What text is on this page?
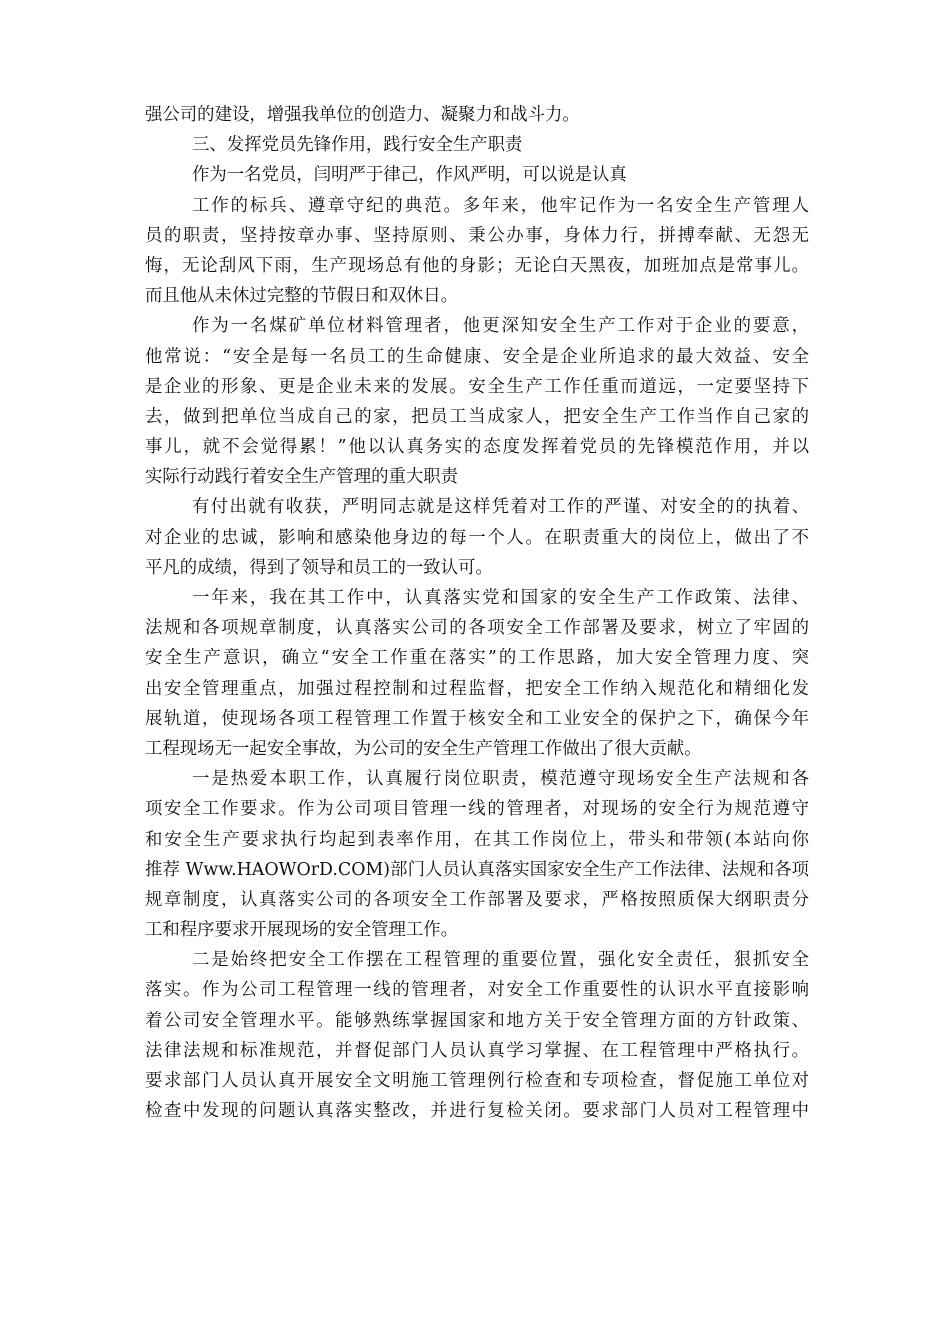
强公司的建设，增强我单位的创造力、凝聚力和战斗力。
三、发挥党员先锋作用，践行安全生产职责
作为一名党员，闫明严于律己，作风严明，可以说是认真
工作的标兵、遵章守纪的典范。多年来，他牢记作为一名安全生产管理人
员的职责，坚持按章办事、坚持原则、秉公办事，身体力行，拼搏奉献、无怨无
悔，无论刮风下雨，生产现场总有他的身影；无论白天黑夜，加班加点是常事儿。
而且他从未休过完整的节假日和双休日。
作为一名煤矿单位材料管理者，他更深知安全生产工作对于企业的要意，
他常说：“安全是每一名员工的生命健康、安全是企业所追求的最大效益、安全
是企业的形象、更是企业未来的发展。安全生产工作任重而道远，一定要坚持下
去，做到把单位当成自己的家，把员工当成家人，把安全生产工作当作自己家的
事儿，就不会觉得累！”他以认真务实的态度发挥着党员的先锋模范作用，并以
实际行动践行着安全生产管理的重大职责
有付出就有收获，严明同志就是这样凭着对工作的严谨、对安全的的执着、
对企业的忠诚，影响和感染他身边的每一个人。在职责重大的岗位上，做出了不
平凡的成绩，得到了领导和员工的一致认可。
一年来，我在其工作中，认真落实党和国家的安全生产工作政策、法律、
法规和各项规章制度，认真落实公司的各项安全工作部署及要求，树立了牢固的
安全生产意识，确立“安全工作重在落实”的工作思路，加大安全管理力度、突
出安全管理重点，加强过程控制和过程监督，把安全工作纳入规范化和精细化发
展轨道，使现场各项工程管理工作置于核安全和工业安全的保护之下，确保今年
工程现场无一起安全事故，为公司的安全生产管理工作做出了很大贡献。
一是热爱本职工作，认真履行岗位职责，模范遵守现场安全生产法规和各
项安全工作要求。作为公司项目管理一线的管理者，对现场的安全行为规范遵守
和安全生产要求执行均起到表率作用，在其工作岗位上，带头和带领(本站向你
推荐 Www.HAOWOrD.COM)部门人员认真落实国家安全生产工作法律、法规和各项
规章制度，认真落实公司的各项安全工作部署及要求，严格按照质保大纲职责分
工和程序要求开展现场的安全管理工作。
二是始终把安全工作摆在工程管理的重要位置，强化安全责任，狠抓安全
落实。作为公司工程管理一线的管理者，对安全工作重要性的认识水平直接影响
着公司安全管理水平。能够熟练掌握国家和地方关于安全管理方面的方针政策、
法律法规和标准规范，并督促部门人员认真学习掌握、在工程管理中严格执行。
要求部门人员认真开展安全文明施工管理例行检查和专项检查，督促施工单位对
检查中发现的问题认真落实整改，并进行复检关闭。要求部门人员对工程管理中
